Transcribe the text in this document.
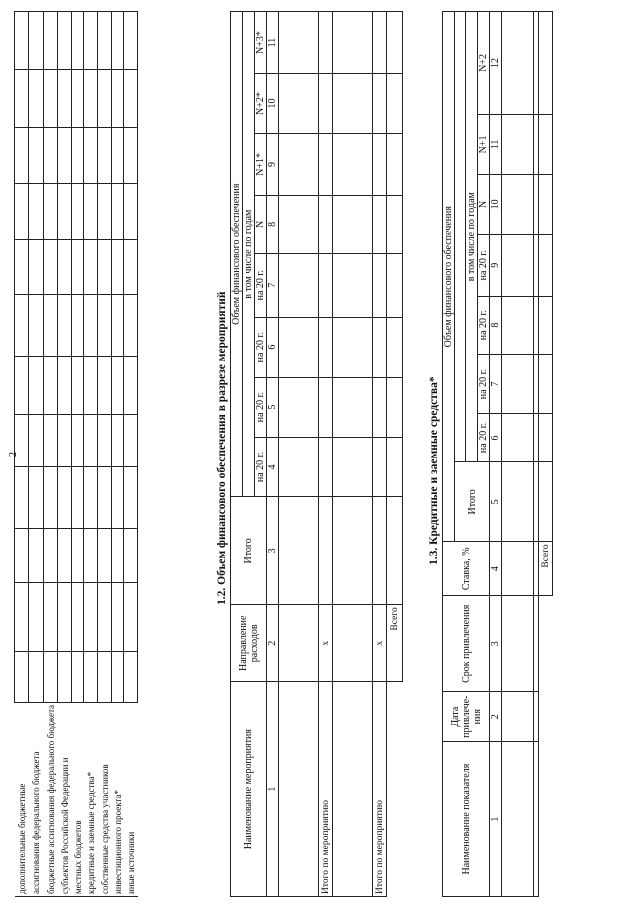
2
дополнительные бюджетные												
ассигнования федерального бюджета												
бюджетные ассигнования федерального бюджета												
субъектов Российской Федерации и												
местных бюджетов												
кредитные и заемные средства*												
собственные средства участников												
инвестиционного проекта*												
иные источники												
1.2. Объем финансового обеспечения в разрезе мероприятий
Наименование мероприятия	Направление расходов	Итого	Объем финансового обеспечения							
			в том числе по годам							
			на 20 г.	на 20 г.	на 20 г.	на 20 г.	N	N+1*	N+2*	N+3*
1	2	3	4	5	6	7	8	9	10	11

Итого по мероприятию	x									

Итого по мероприятию	x									
	Всего									
1.3. Кредитные и заемные средства*
Наименование показателя	Дата привлече-ния	Срок привлечения	Ставка, %	Объем финансового обеспечения							
				Итого							
					в том числе по годам						
					на 20 г.	на 20 г.	на 20 г.	на 20 г.	N	N+1	N+2
1	2	3	4	5	6	7	8	9	10	11	12

			Всего								
